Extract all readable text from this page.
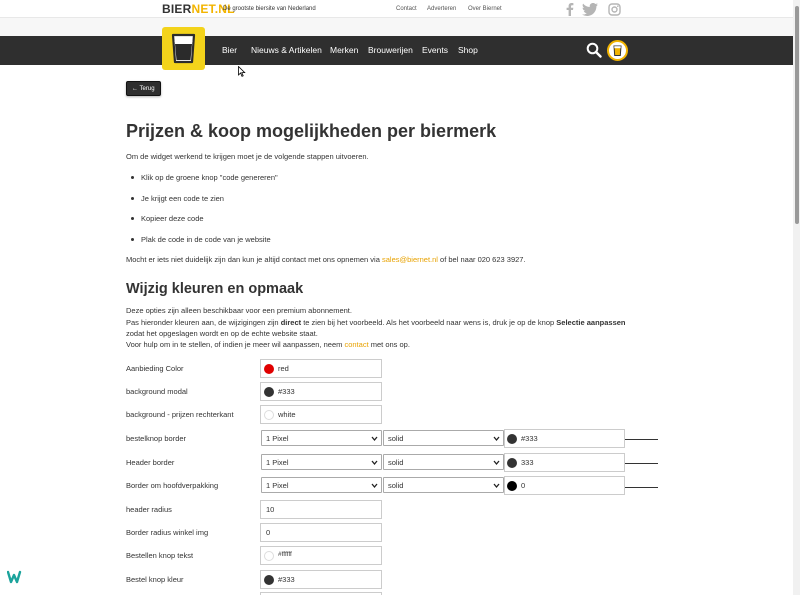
BIERNET.NL
De grootste biersite van Nederland	Contact Adverteren Over Biernet
Bier Nieuws & Artikelen Merken Brouwerijen Events Shop
← Terug
Prijzen & koop mogelijkheden per biermerk
Om de widget werkend te krijgen moet je de volgende stappen uitvoeren.
Klik op de groene knop "code genereren"
Je krijgt een code te zien
Kopieer deze code
Plak de code in de code van je website
Mocht er iets niet duidelijk zijn dan kun je altijd contact met ons opnemen via sales@biernet.nl of bel naar 020 623 3927.
Wijzig kleuren en opmaak
Deze opties zijn alleen beschikbaar voor een premium abonnement.
Pas hieronder kleuren aan, de wijzigingen zijn direct te zien bij het voorbeeld. Als het voorbeeld naar wens is, druk je op de knop Selectie aanpassen
zodat het opgeslagen wordt en op de echte website staat.
Voor hulp om in te stellen, of indien je meer wil aanpassen, neem contact met ons op.
Aanbieding Color	red
background modal	#333
background - prijzen rechterkant	white
bestelknop border	1 Pixel	solid	#333
Header border	1 Pixel	solid	333
Border om hoofdverpakking	1 Pixel	solid	0
header radius	10
Border radius winkel img	0
Bestellen knop tekst	#ffffff
Bestel knop kleur	#333
